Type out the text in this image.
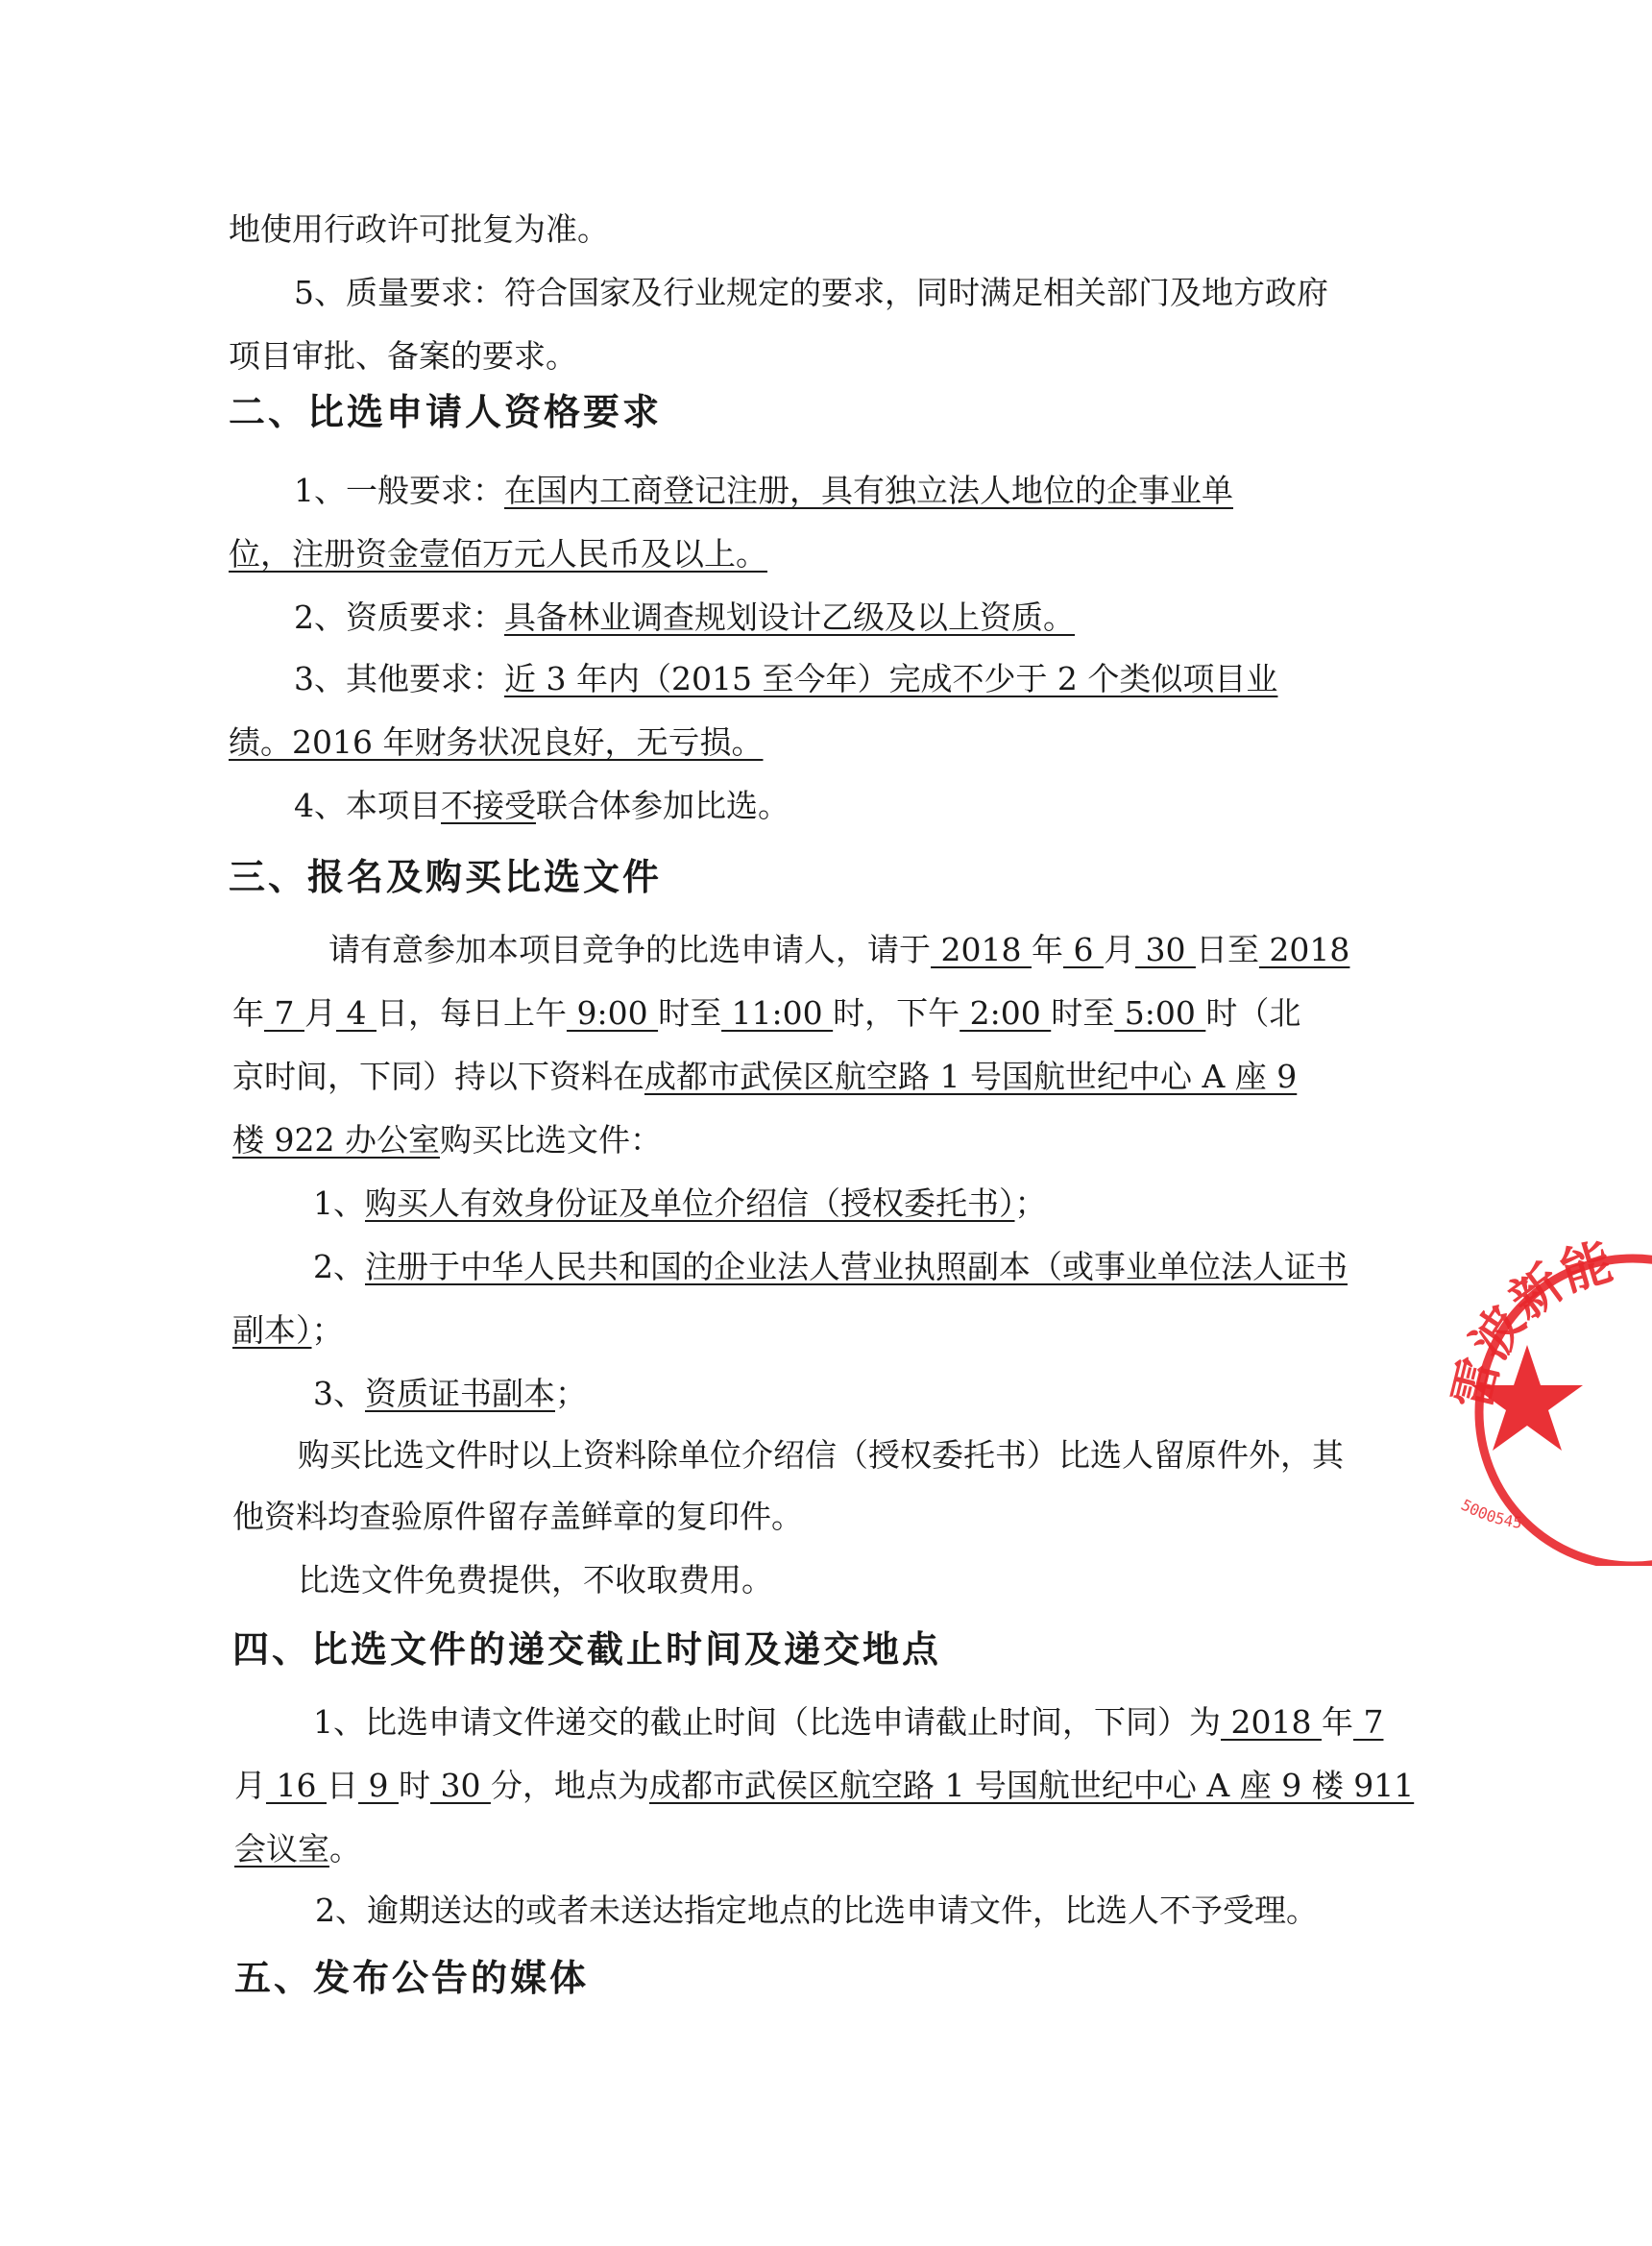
地使用行政许可批复为准。
5、质量要求：符合国家及行业规定的要求，同时满足相关部门及地方政府
项目审批、备案的要求。
二、比选申请人资格要求
1、一般要求：在国内工商登记注册，具有独立法人地位的企事业单
位，注册资金壹佰万元人民币及以上。
2、资质要求：具备林业调查规划设计乙级及以上资质。
3、其他要求：近 3 年内（2015 至今年）完成不少于 2 个类似项目业
绩。2016 年财务状况良好，无亏损。
4、本项目不接受联合体参加比选。
三、报名及购买比选文件
请有意参加本项目竞争的比选申请人，请于 2018 年 6 月 30 日至 2018
年 7 月 4 日，每日上午 9:00 时至 11:00 时，下午 2:00 时至 5:00 时（北
京时间，下同）持以下资料在成都市武侯区航空路 1 号国航世纪中心 A 座 9
楼 922 办公室购买比选文件：
1、购买人有效身份证及单位介绍信（授权委托书）；
2、注册于中华人民共和国的企业法人营业执照副本（或事业单位法人证书
副本）；
3、资质证书副本；
购买比选文件时以上资料除单位介绍信（授权委托书）比选人留原件外，其
他资料均查验原件留存盖鲜章的复印件。
比选文件免费提供，不收取费用。
四、比选文件的递交截止时间及递交地点
1、比选申请文件递交的截止时间（比选申请截止时间，下同）为 2018 年 7
月 16 日 9 时 30 分，地点为成都市武侯区航空路 1 号国航世纪中心 A 座 9 楼 911
会议室。
2、逾期送达的或者未送达指定地点的比选申请文件，比选人不予受理。
五、发布公告的媒体
雷波新能
5000545
